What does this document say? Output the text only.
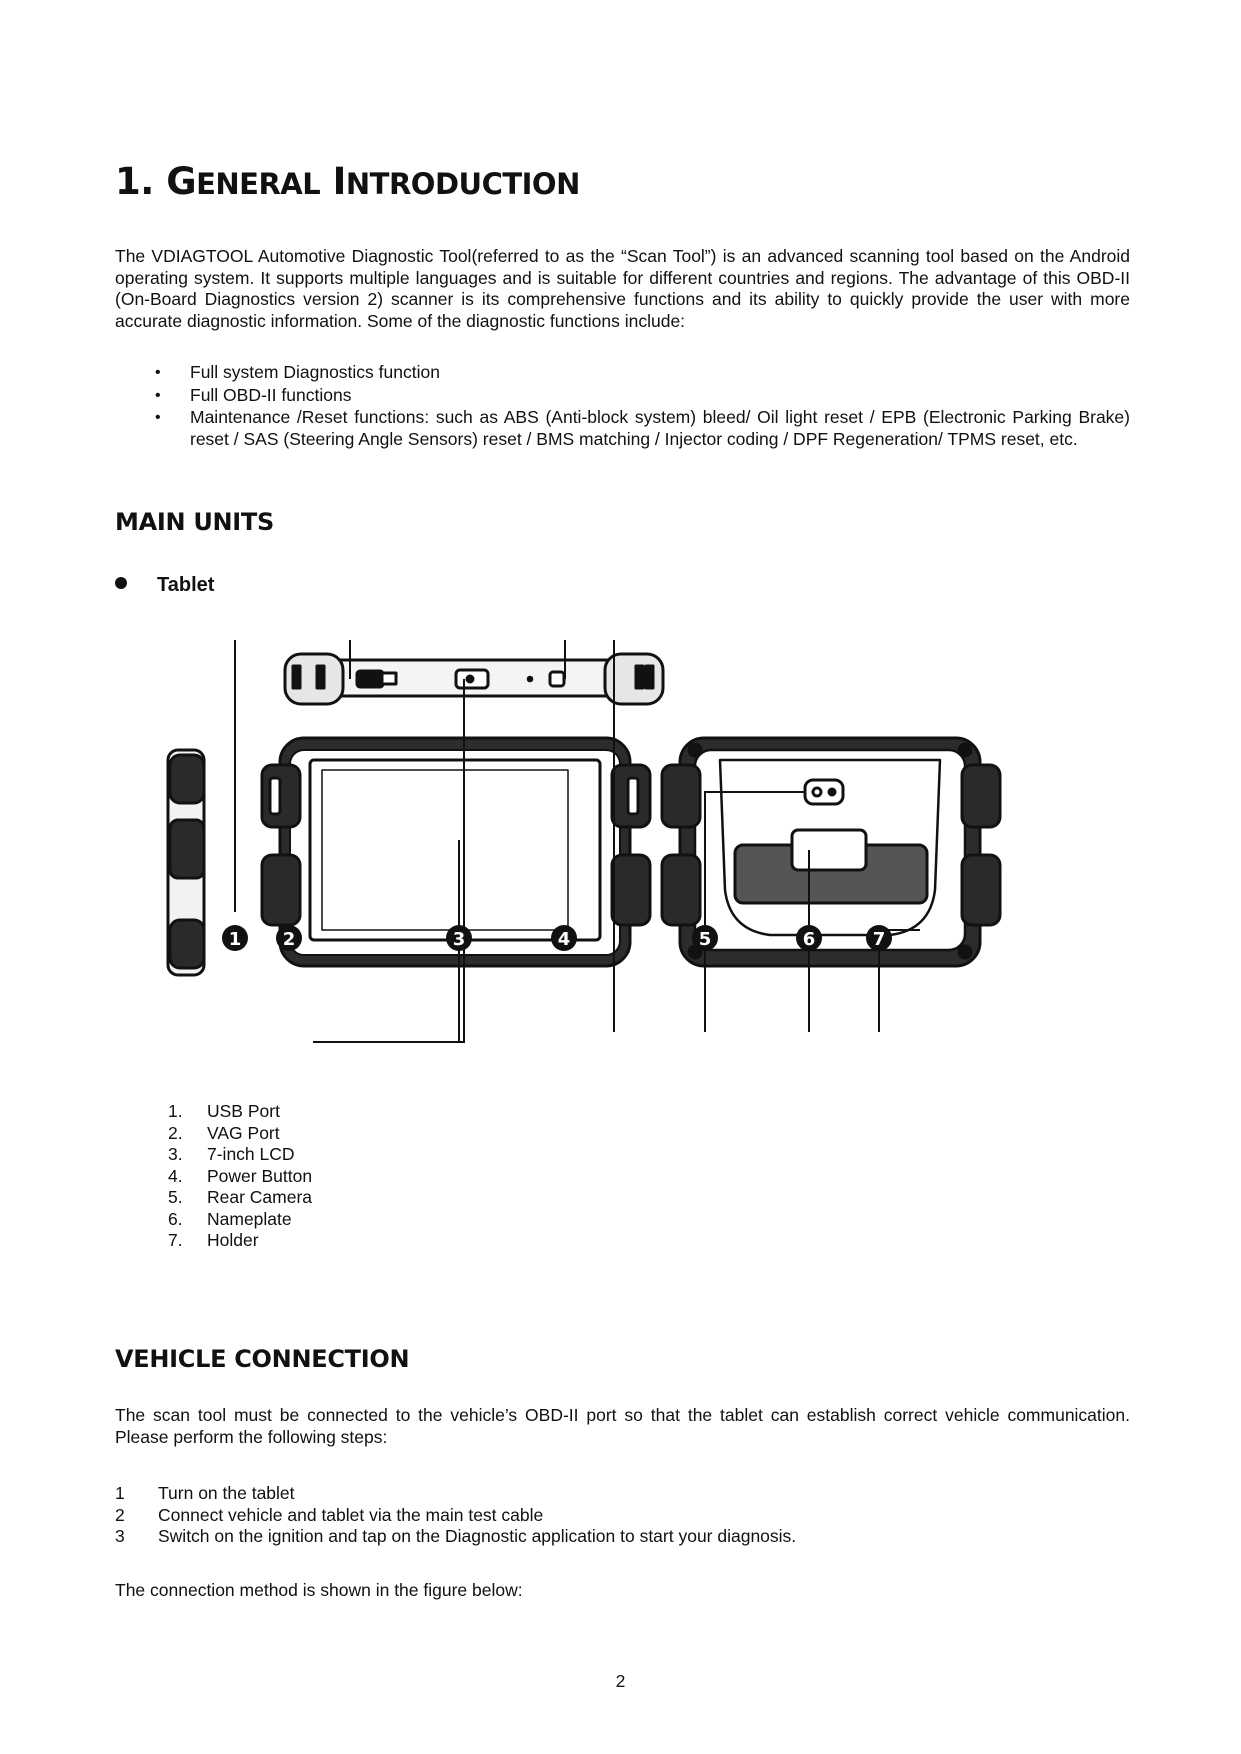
1. GENERAL INTRODUCTION

The VDIAGTOOL Automotive Diagnostic Tool(referred to as the “Scan Tool”) is an advanced scanning tool based on the Android operating system. It supports multiple languages and is suitable for different countries and regions. The advantage of this OBD-II (On-Board Diagnostics version 2) scanner is its comprehensive functions and its ability to quickly provide the user with more accurate diagnostic information. Some of the diagnostic functions include:

• Full system Diagnostics function
• Full OBD-II functions
• Maintenance /Reset functions: such as ABS (Anti-block system) bleed/ Oil light reset / EPB (Electronic Parking Brake) reset / SAS (Steering Angle Sensors) reset / BMS matching / Injector coding / DPF Regeneration/ TPMS reset, etc.
MAIN UNITS
Tablet
1 2	3	4	5	6	7
1. USB Port
2. VAG Port
3. 7-inch LCD
4. Power Button
5. Rear Camera
6. Nameplate
7. Holder
VEHICLE CONNECTION

The scan tool must be connected to the vehicle’s OBD-II port so that the tablet can establish correct vehicle communication. Please perform the following steps:

1 Turn on the tablet
2 Connect vehicle and tablet via the main test cable
3 Switch on the ignition and tap on the Diagnostic application to start your diagnosis.

The connection method is shown in the figure below:

2
